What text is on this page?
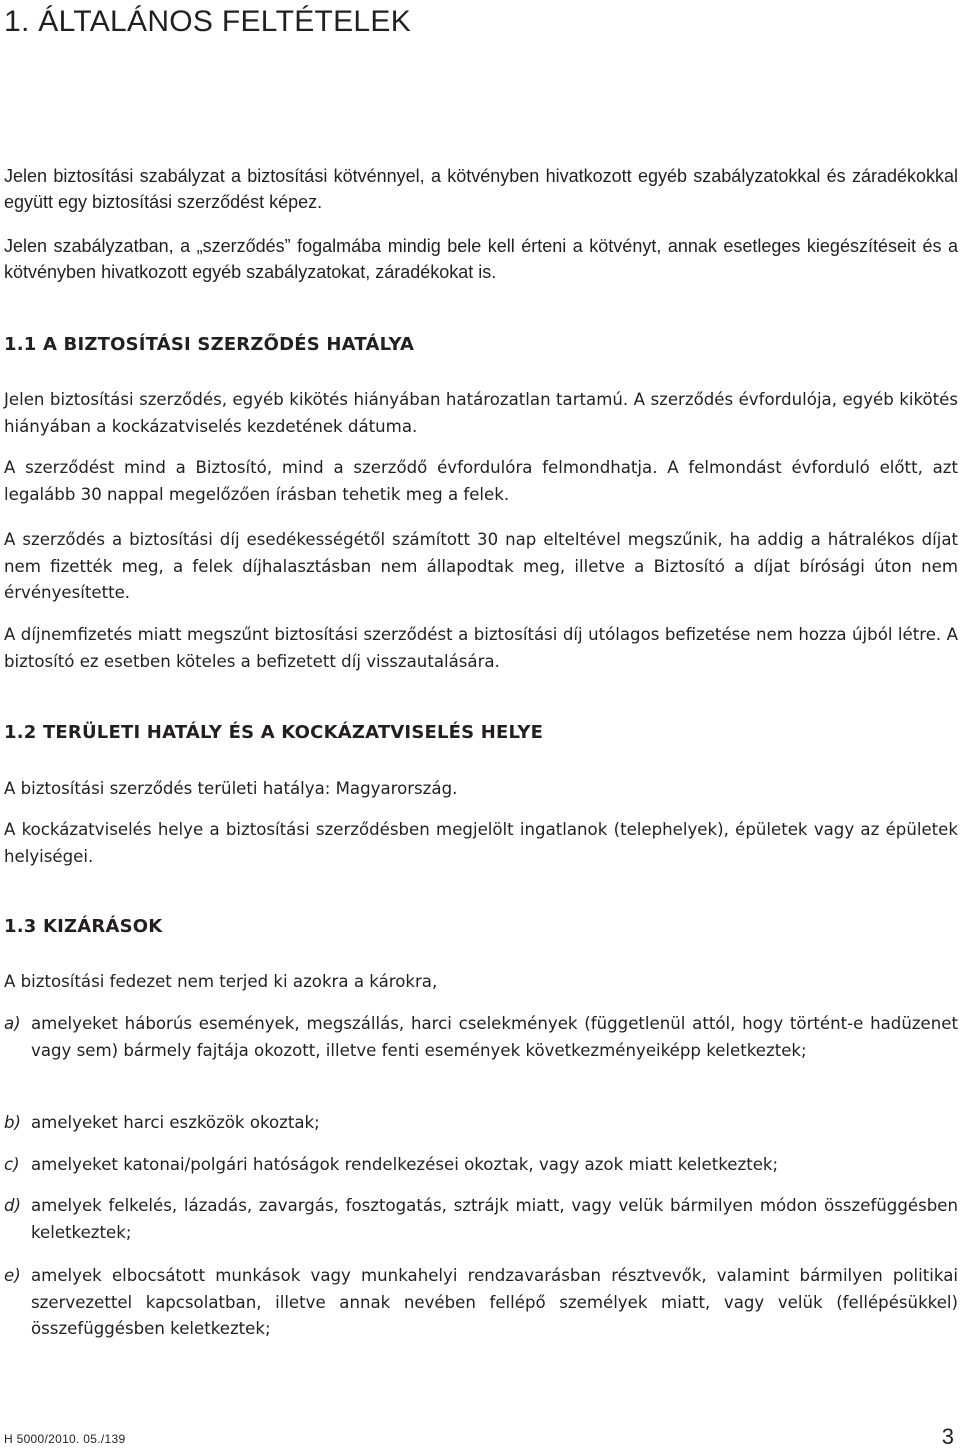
1. ÁLTALÁNOS FELTÉTELEK

Jelen biztosítási szabályzat a biztosítási kötvénnyel, a kötvényben hivatkozott egyéb szabályzatokkal és záradékokkal együtt egy biztosítási szerződést képez.

Jelen szabályzatban, a „szerződés” fogalmába mindig bele kell érteni a kötvényt, annak esetleges kiegészítéseit és a kötvényben hivatkozott egyéb szabályzatokat, záradékokat is.

1.1 A BIZTOSÍTÁSI SZERZŐDÉS HATÁLYA

Jelen biztosítási szerződés, egyéb kikötés hiányában határozatlan tartamú. A szerződés évfordulója, egyéb kikötés hiányában a kockázatviselés kezdetének dátuma.

A szerződést mind a Biztosító, mind a szerződő évfordulóra felmondhatja. A felmondást évforduló előtt, azt legalább 30 nappal megelőzően írásban tehetik meg a felek.

A szerződés a biztosítási díj esedékességétől számított 30 nap elteltével megszűnik, ha addig a hátralékos díjat nem fizették meg, a felek díjhalasztásban nem állapodtak meg, illetve a Biztosító a díjat bírósági úton nem érvényesítette.

A díjnemfizetés miatt megszűnt biztosítási szerződést a biztosítási díj utólagos befizetése nem hozza újból létre. A biztosító ez esetben köteles a befizetett díj visszautalására.

1.2 TERÜLETI HATÁLY ÉS A KOCKÁZATVISELÉS HELYE

A biztosítási szerződés területi hatálya: Magyarország.

A kockázatviselés helye a biztosítási szerződésben megjelölt ingatlanok (telephelyek), épületek vagy az épületek helyiségei.

1.3 KIZÁRÁSOK

A biztosítási fedezet nem terjed ki azokra a károkra,

a) amelyeket háborús események, megszállás, harci cselekmények (függetlenül attól, hogy történt-e hadüzenet vagy sem) bármely fajtája okozott, illetve fenti események következményeiképp keletkeztek;
b) amelyeket harci eszközök okoztak;
c) amelyeket katonai/polgári hatóságok rendelkezései okoztak, vagy azok miatt keletkeztek;
d) amelyek felkelés, lázadás, zavargás, fosztogatás, sztrájk miatt, vagy velük bármilyen módon összefüggésben keletkeztek;
e) amelyek elbocsátott munkások vagy munkahelyi rendzavarásban résztvevők, valamint bármilyen politikai szervezettel kapcsolatban, illetve annak nevében fellépő személyek miatt, vagy velük (fellépésükkel) összefüggésben keletkeztek;
H 5000/2010. 05./139	3
